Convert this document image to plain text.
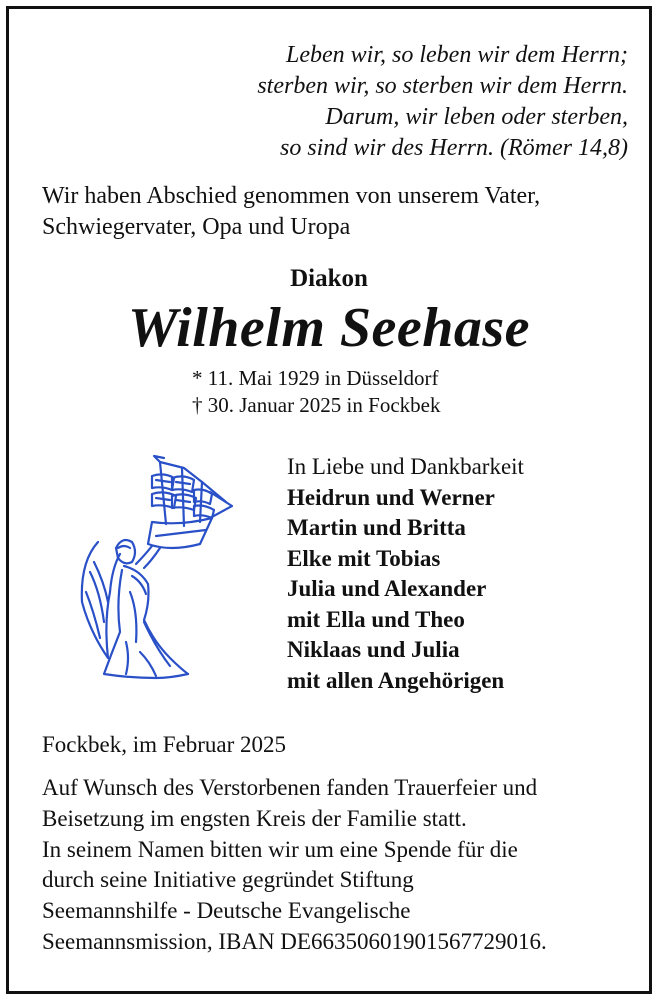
Leben wir, so leben wir dem Herrn;
sterben wir, so sterben wir dem Herrn.
Darum, wir leben oder sterben,
so sind wir des Herrn. (Römer 14,8)
Wir haben Abschied genommen von unserem Vater,
Schwiegervater, Opa und Uropa
Diakon
Wilhelm Seehase
* 11. Mai 1929 in Düsseldorf
† 30. Januar 2025 in Fockbek
In Liebe und Dankbarkeit
Heidrun und Werner
Martin und Britta
Elke mit Tobias
Julia und Alexander
mit Ella und Theo
Niklaas und Julia
mit allen Angehörigen
Fockbek, im Februar 2025
Auf Wunsch des Verstorbenen fanden Trauerfeier und
Beisetzung im engsten Kreis der Familie statt.
In seinem Namen bitten wir um eine Spende für die
durch seine Initiative gegründet Stiftung
Seemannshilfe - Deutsche Evangelische
Seemannsmission, IBAN DE66350601901567729016.
